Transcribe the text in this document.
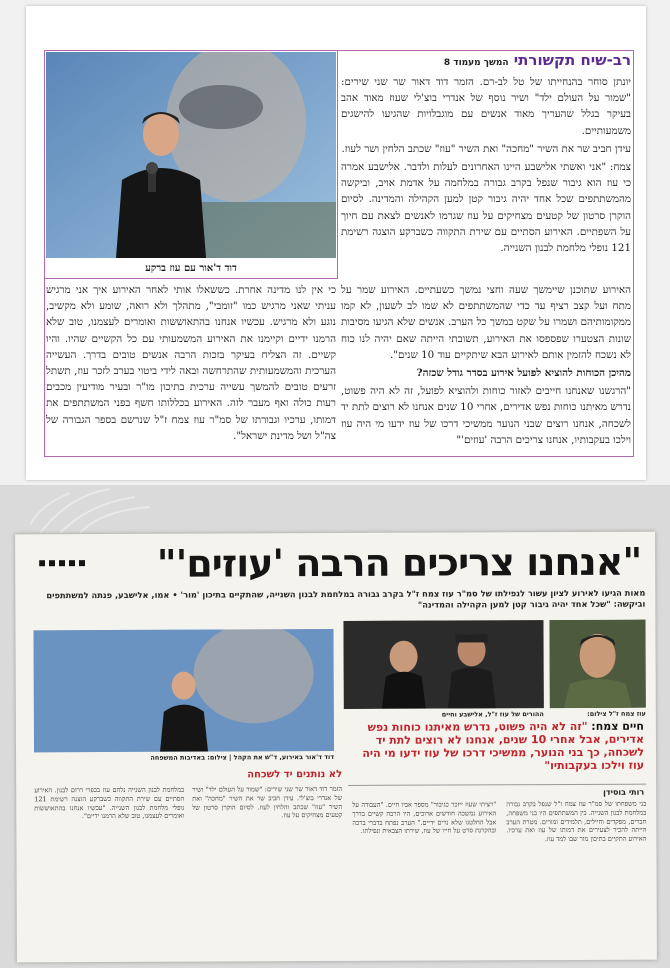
רב-שיח תקשורתי המשך מעמוד 8

יונתן סוחר בהנחייתו של טל לב-רם. הזמר דוד דאור שר שני שירים: "שמור על העולם ילד" ושיר נוסף של אנדרי בוצ'לי שעוז מאוד אהב בעיקר בגלל שהעריך מאוד אנשים עם מוגבלויות שהגיעו להישגים משמעותיים.

עידן חביב שר את השיר "מחכה" ואת השיר "עוז" שכתב הלחין ושר לעוז.

צמח: "אני ואשתי אלישבע היינו האחרונים לעלות ולדבר. אלישבע אמרה כי עוז הוא גיבור שנפל בקרב גבורה במלחמה על אדמת אויב, וביקשה מהמשתתפים שכל אחד יהיה גיבור קטן למען הקהילה והמדינה. לסיום הוקרן סרטון של קטעים מצחיקים על עוז שגרמו לאנשים לצאת עם חיוך על השפתיים. האירוע הסתיים עם שירת התקווה כשברקע הוצגה רשימת 121 נופלי מלחמת לבנון השנייה.

דוד ד'אור עם עוז ברקע

כי אין לנו מדינה אחרת. כששאלו אותי לאחר האירוע איך אני מרגיש עניתי שאני מרגיש כמו "זומבי", מתהלך ולא רואה, שומע ולא מקשיב, נוגע ולא מרגיש. עכשיו אנחנו בהתאוששות ואומרים לעצמנו, טוב שלא הרמנו ידיים וקיימנו את האירוע המשמעותי עם כל הקשיים שהיו. והיו קשיים. זה הצליח בעיקר בזכות הרבה אנשים טובים בדרך. העשייה הערכית והמשמעותית שהתרחשה ובאה לידי ביטוי בערב לזכר עוז, תשתל זרעים טובים להמשך עשייה ערכית בתיכון מו"ר ובעיר מודיעין מכבים רעות כולה ואף מעבר לזה. האירוע בכללותו חשף בפני המשתתפים את דמותו, ערכיו וגבורתו של סמ"ר עוז צמח ז"ל שנרשם בספר הגבורה של צה"ל ושל מדינת ישראל".

האירוע שתוכנן שיימשך שעה וחצי נמשך כשעתיים. האירוע שמר על מתח ועל קצב רציף עד כדי שהמשתתפים לא שמו לב לשעון, לא קמו ממקומותיהם ושמרו על שקט במשך כל הערב. אנשים שלא הגיעו מסיבות שונות הצטערו שפספסו את האירוע, תשובתי הייתה שאם יהיה לנו כוח לא נשכח להזמין אותם לאירוע הבא שיתקיים עוד 10 שנים".

מהיכן הכוחות להוציא לפועל אירוע בסדר גודל שכזה?

"הרגשנו שאנחנו חייבים לאזור כוחות ולהוציא לפועל, זה לא היה פשוט, נדרש מאיתנו כוחות נפש אדירים, אחרי 10 שנים אנחנו לא רוצים לתת יד לשכחה, אנחנו רוצים שבני הנוער ממשיכי דרכו של עוז ידעו מי היה עוז וילכו בעקבותיו, אנחנו צריכים הרבה 'עוזים'"

"אנחנו צריכים הרבה 'עוזים'"
מאות הגיעו לאירוע לציון עשור לנפילתו של סמ"ר עוז צמח ז"ל בקרב גבורה במלחמת לבנון השנייה, שהתקיים בתיכון 'מור' • אמו, אלישבע, פנתה למשתתפים וביקשה: "שכל אחד יהיה גיבור קטן למען הקהילה והמדינה"
דוד ד'אור באירוע, ד"ש את הקהל | צילום: באדיבות המשפחה
ההורים של עוז ז"ל, אלישבע וחיים	עוז צמח ז"ל צילום:
חיים צמח: "זה לא היה פשוט, נדרש מאיתנו כוחות נפש אדירים, אבל אחרי 10 שנים, אנחנו לא רוצים לתת יד לשכחה, כך בני הנוער, ממשיכי דרכו של עוז ידעו מי היה עוז וילכו בעקבותיו"
רותי בוסידן
בני משפחתו של סמ"ר עוז צמח ז"ל שנפל בקרב גבורה במלחמת לבנון השנייה. בין המשתתפים היו בני משפחה, חברים, מפקדים וחיילים, תלמידים ומורים. מטרת הערב הייתה להכיר לצעירים את דמותו של עוז ואת ערכיו. האירוע התקיים בתיכון מור שבו למד עוז.
"רציתי שעוז ייזכר כגיבור" מספר אביו חיים. "העבודה על האירוע נמשכה חודשים ארוכים, היו הרבה קשיים בדרך אבל החלטנו שלא נרים ידיים." הערב נפתח בדברי ברכה ובהקרנת סרט על חייו של עוז, שירתו הצבאית ונפילתו.
לא נותנים יד לשכחה
הזמר דוד דאור שר שני שירים: "שמור על העולם ילד" ושיר של אנדרי בוצ'לי. עידן חביב שר את השיר "מחכה" ואת השיר "עוז" שכתב והלחין לעוז. לסיום הוקרן סרטון של קטעים מצחיקים על עוז.
במלחמת לבנון השנייה נלחם עוז בכפרי דרום לבנון. האירוע הסתיים עם שירת התקווה כשברקע הוצגה רשימת 121 נופלי מלחמת לבנון השנייה. "עכשיו אנחנו בהתאוששות ואומרים לעצמנו, טוב שלא הרמנו ידיים".
